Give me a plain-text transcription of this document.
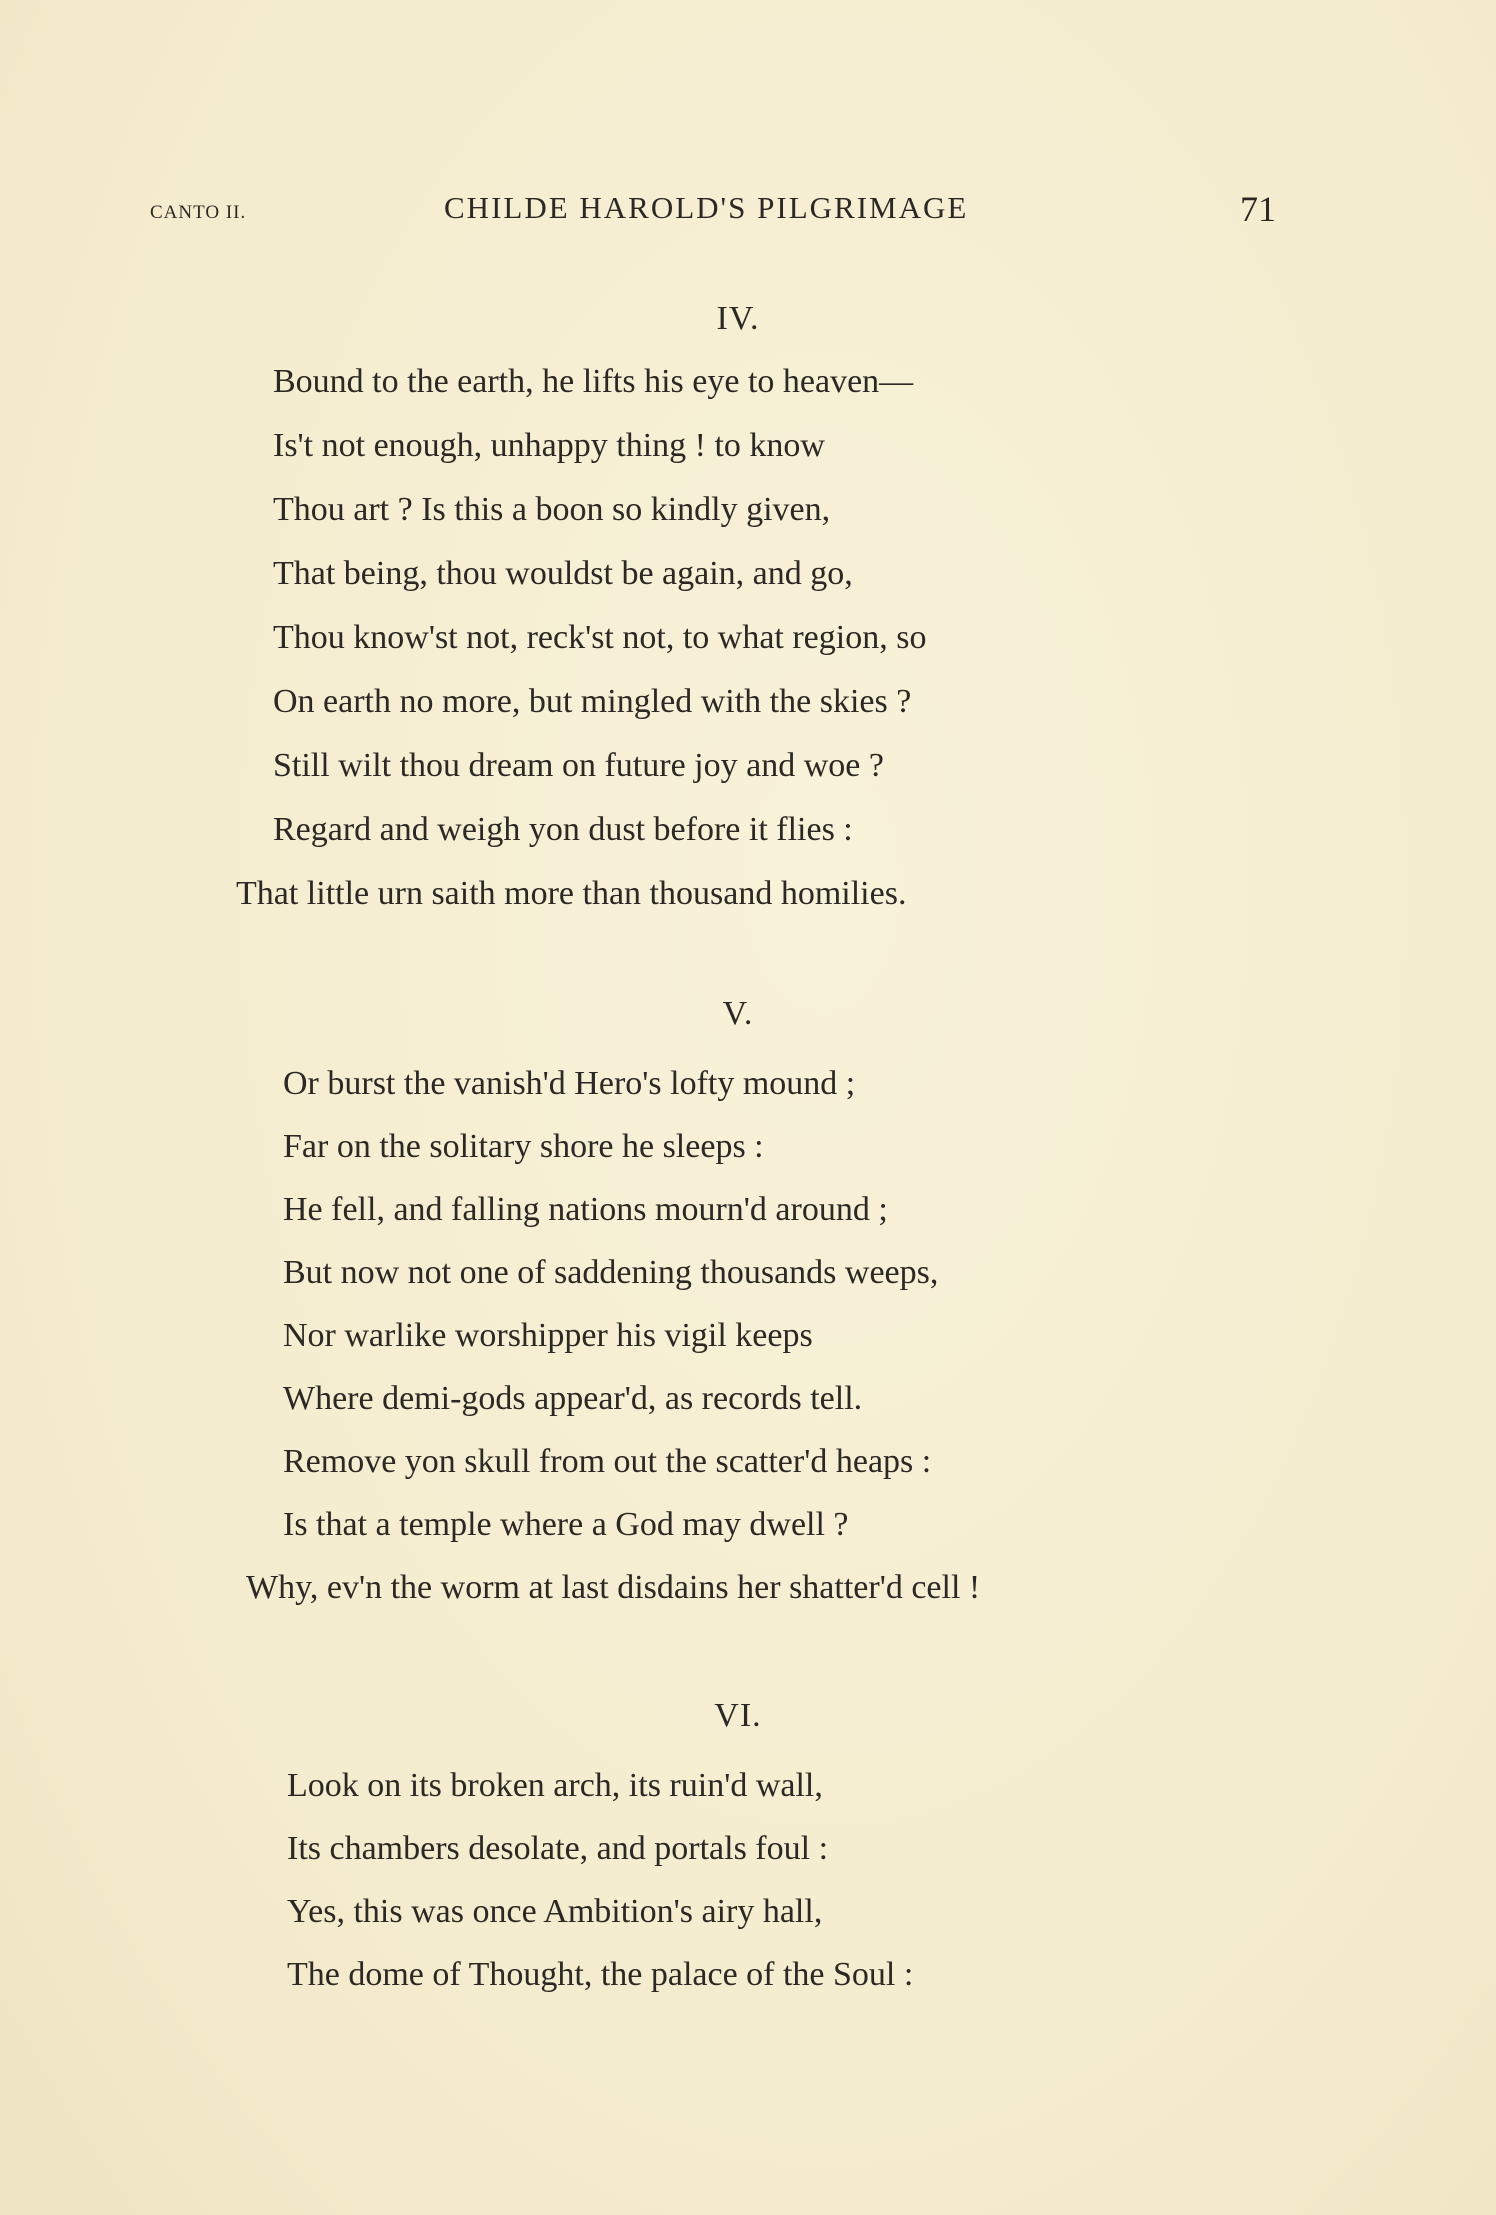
CANTO II.	CHILDE HAROLD'S PILGRIMAGE	71
IV.
Bound to the earth, he lifts his eye to heaven—
Is't not enough, unhappy thing ! to know
Thou art ? Is this a boon so kindly given,
That being, thou wouldst be again, and go,
Thou know'st not, reck'st not, to what region, so
On earth no more, but mingled with the skies ?
Still wilt thou dream on future joy and woe ?
Regard and weigh yon dust before it flies :
That little urn saith more than thousand homilies.
V.
Or burst the vanish'd Hero's lofty mound ;
Far on the solitary shore he sleeps :
He fell, and falling nations mourn'd around ;
But now not one of saddening thousands weeps,
Nor warlike worshipper his vigil keeps
Where demi-gods appear'd, as records tell.
Remove yon skull from out the scatter'd heaps :
Is that a temple where a God may dwell ?
Why, ev'n the worm at last disdains her shatter'd cell !
VI.
Look on its broken arch, its ruin'd wall,
Its chambers desolate, and portals foul :
Yes, this was once Ambition's airy hall,
The dome of Thought, the palace of the Soul :
